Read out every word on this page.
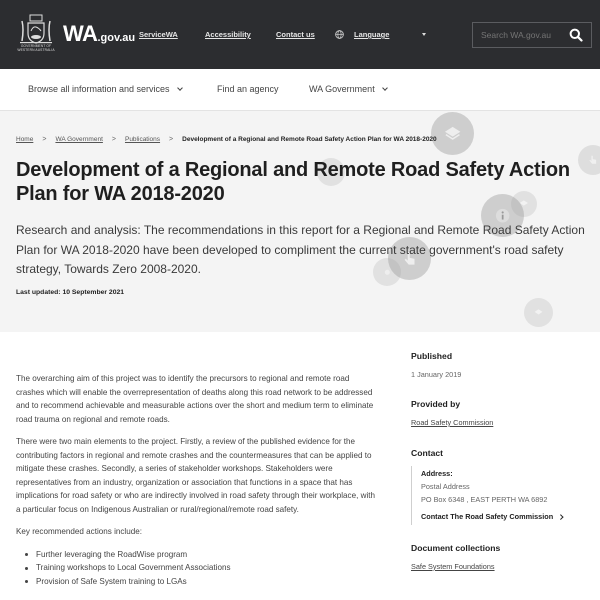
GOVERNMENT OF WESTERN AUSTRALIA
WA.gov.au ServiceWA	Accessibility	Contact us	Language
Search WA.gov.au
Browse all information and services	Find an agency	WA Government
Home > WA Government > Publications > Development of a Regional and Remote Road Safety Action Plan for WA 2018-2020
Development of a Regional and Remote Road Safety Action Plan for WA 2018-2020

Research and analysis: The recommendations in this report for a Regional and Remote Road Safety Action Plan for WA 2018-2020 have been developed to compliment the current state government's road safety strategy, Towards Zero 2008-2020.

Last updated: 10 September 2021

The overarching aim of this project was to identify the precursors to regional and remote road crashes which will enable the overrepresentation of deaths along this road network to be addressed and to recommend achievable and measurable actions over the short and medium term to eliminate road trauma on regional and remote roads.

There were two main elements to the project. Firstly, a review of the published evidence for the contributing factors in regional and remote crashes and the countermeasures that can be applied to mitigate these crashes. Secondly, a series of stakeholder workshops. Stakeholders were representatives from an industry, organization or association that functions in a space that has implications for road safety or who are indirectly involved in road safety through their workplace, with a particular focus on Indigenous Australian or rural/regional/remote road safety.

Key recommended actions include:

Further leveraging the RoadWise program
Training workshops to Local Government Associations
Provision of Safe System training to LGAs
Published
1 January 2019
Provided by
Road Safety Commission
Contact
Address:
Postal Address
PO Box 6348 , EAST PERTH WA 6892
Contact The Road Safety Commission
Document collections
Safe System Foundations
